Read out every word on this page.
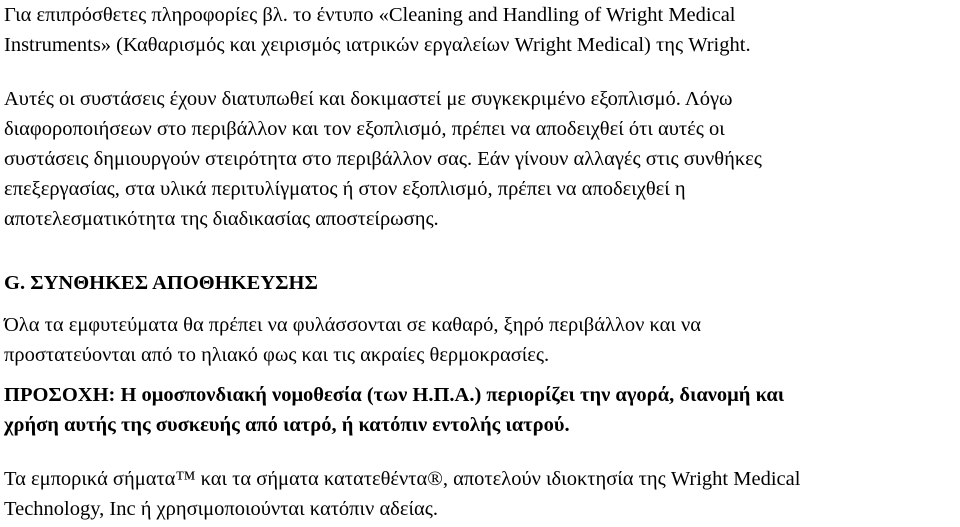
Για επιπρόσθετες πληροφορίες βλ. το έντυπο «Cleaning and Handling of Wright Medical
Instruments» (Καθαρισμός και χειρισμός ιατρικών εργαλείων Wright Medical) της Wright.

Αυτές οι συστάσεις έχουν διατυπωθεί και δοκιμαστεί με συγκεκριμένο εξοπλισμό. Λόγω
διαφοροποιήσεων στο περιβάλλον και τον εξοπλισμό, πρέπει να αποδειχθεί ότι αυτές οι
συστάσεις δημιουργούν στειρότητα στο περιβάλλον σας. Εάν γίνουν αλλαγές στις συνθήκες
επεξεργασίας, στα υλικά περιτυλίγματος ή στον εξοπλισμό, πρέπει να αποδειχθεί η
αποτελεσματικότητα της διαδικασίας αποστείρωσης.

G. ΣΥΝΘΗΚΕΣ ΑΠΟΘΗΚΕΥΣΗΣ

Όλα τα εμφυτεύματα θα πρέπει να φυλάσσονται σε καθαρό, ξηρό περιβάλλον και να
προστατεύονται από το ηλιακό φως και τις ακραίες θερμοκρασίες.

ΠΡΟΣΟΧΗ: Η ομοσπονδιακή νομοθεσία (των Η.Π.Α.) περιορίζει την αγορά, διανομή και
χρήση αυτής της συσκευής από ιατρό, ή κατόπιν εντολής ιατρού.

Τα εμπορικά σήματα™ και τα σήματα κατατεθέντα®, αποτελούν ιδιοκτησία της Wright Medical
Technology, Inc ή χρησιμοποιούνται κατόπιν αδείας.
